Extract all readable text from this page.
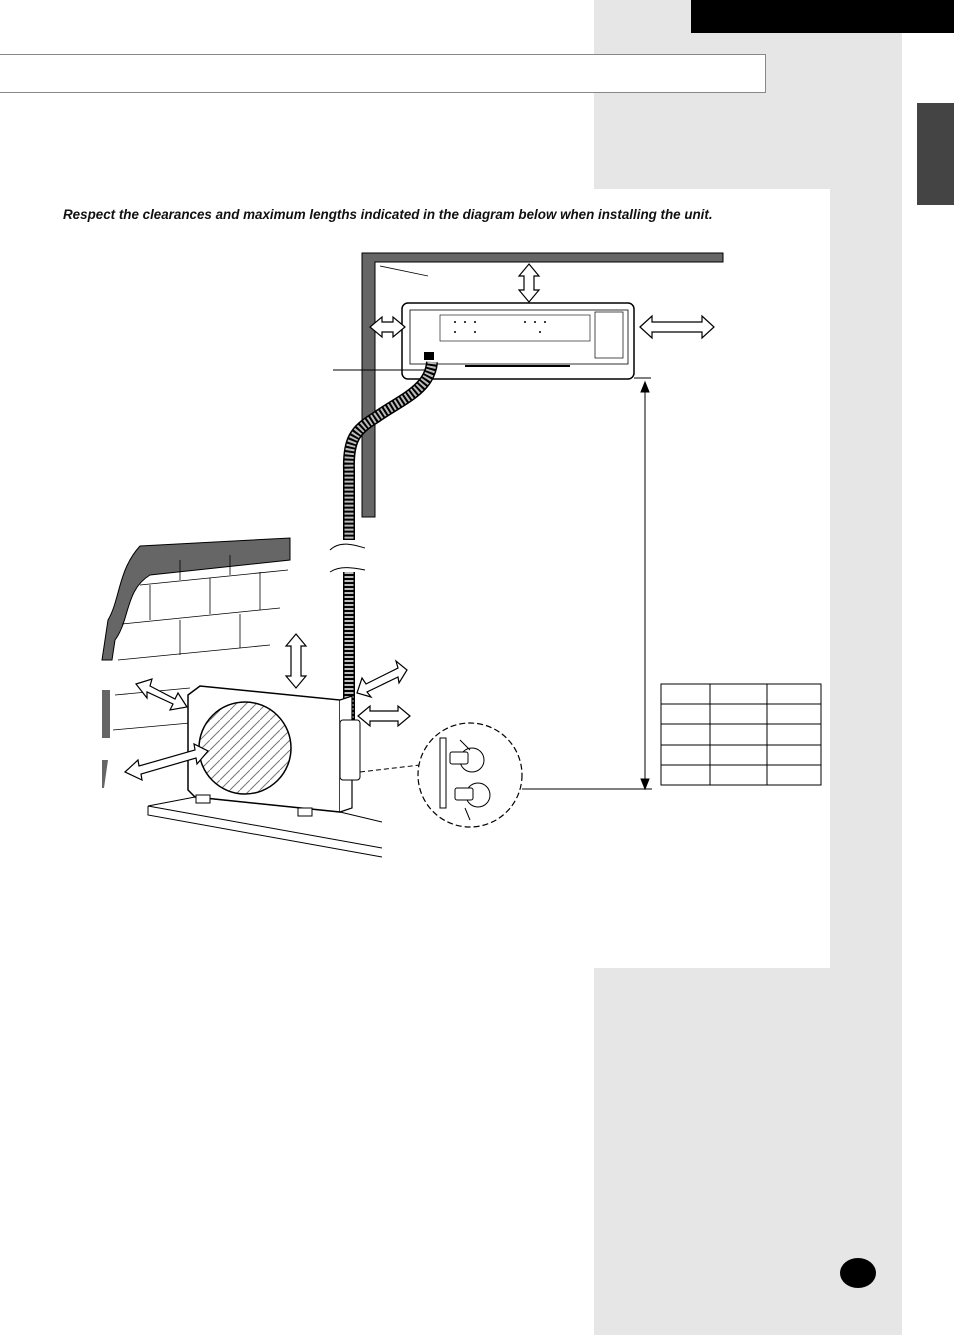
Respect the clearances and maximum lengths indicated in the diagram below when installing the unit.
